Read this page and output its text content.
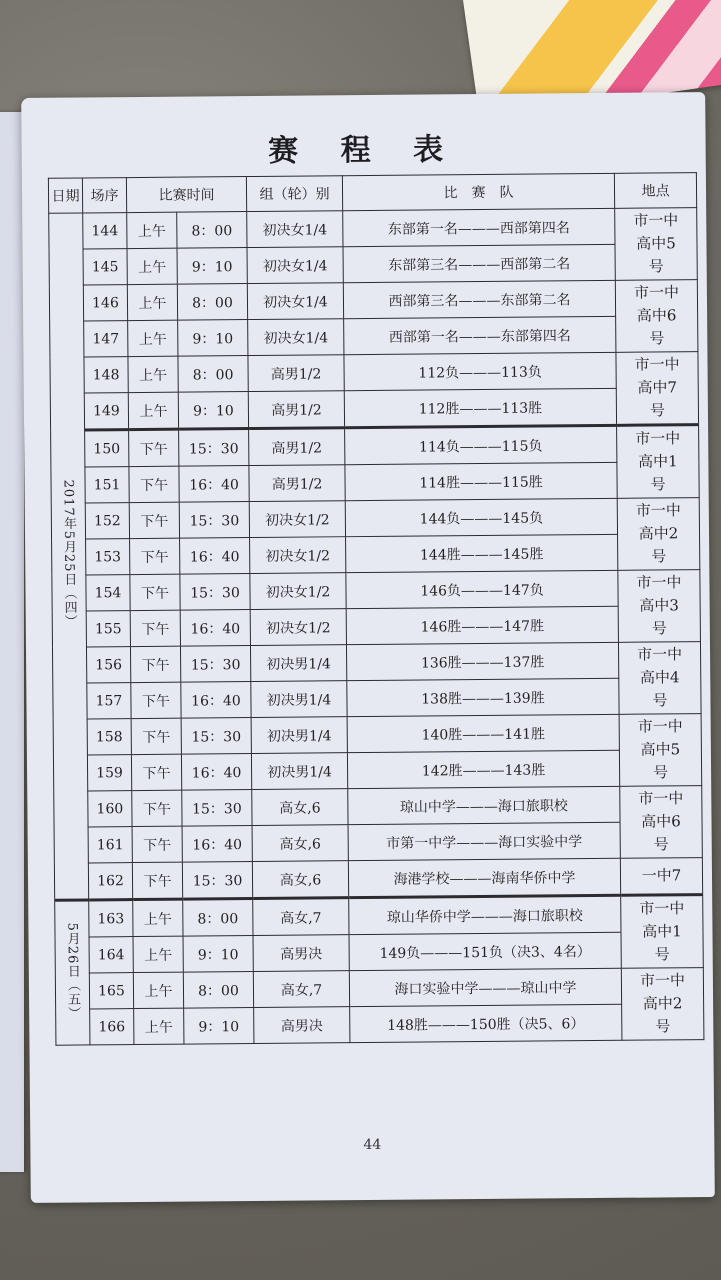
赛 程 表
日期	场序	比赛时间		组（轮）别	比　赛　队	地点
2017年5月25日（四）	144	上午	8：00	初决女1/4	东部第一名———西部第四名	市一中
高中5
号

	145	上午	9：10	初决女1/4	东部第三名———西部第二名	
	146	上午	8：00	初决女1/4	西部第三名———东部第二名	市一中
高中6
号

	147	上午	9：10	初决女1/4	西部第一名———东部第四名	
	148	上午	8：00	高男1/2	112负———113负	市一中
高中7
号

	149	上午	9：10	高男1/2	112胜———113胜	
	150	下午	15：30	高男1/2	114负———115负	市一中
高中1
号

	151	下午	16：40	高男1/2	114胜———115胜	
	152	下午	15：30	初决女1/2	144负———145负	市一中
高中2
号

	153	下午	16：40	初决女1/2	144胜———145胜	
	154	下午	15：30	初决女1/2	146负———147负	市一中
高中3
号

	155	下午	16：40	初决女1/2	146胜———147胜	
	156	下午	15：30	初决男1/4	136胜———137胜	市一中
高中4
号

	157	下午	16：40	初决男1/4	138胜———139胜	
	158	下午	15：30	初决男1/4	140胜———141胜	市一中
高中5
号

	159	下午	16：40	初决男1/4	142胜———143胜	
	160	下午	15：30	高女,6	琼山中学———海口旅职校	市一中
高中6
号

	161	下午	16：40	高女,6	市第一中学———海口实验中学	
	162	下午	15：30	高女,6	海港学校———海南华侨中学	一中7

5月26日（五）	163	上午	8：00	高女,7	琼山华侨中学———海口旅职校	市一中
高中1
号

	164	上午	9：10	高男决	149负———151负（决3、4名）	
	165	上午	8：00	高女,7	海口实验中学———琼山中学	市一中
高中2
号

	166	上午	9：10	高男决	148胜———150胜（决5、6）	
44
